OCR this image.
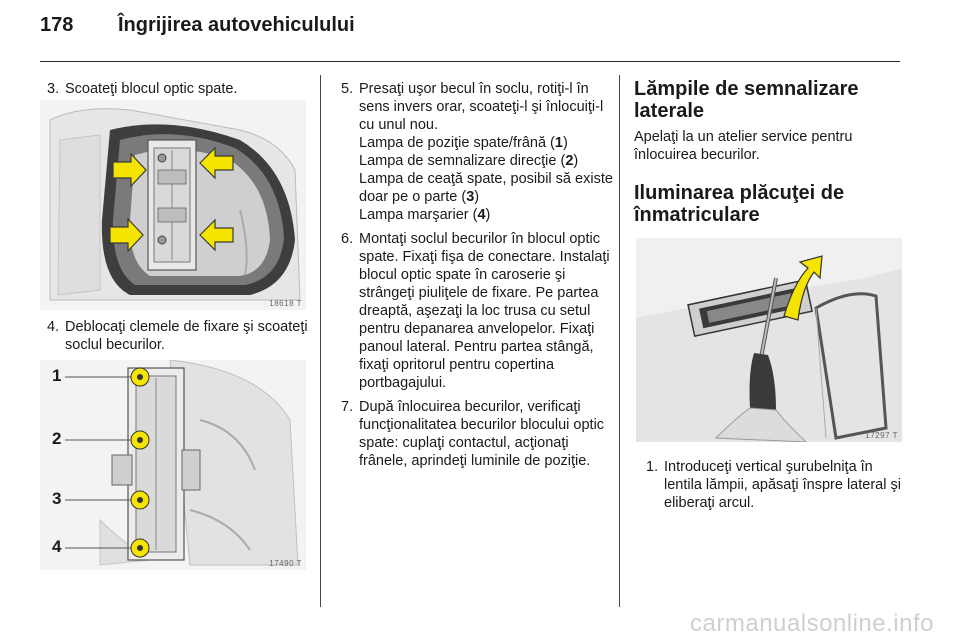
178 Îngrijirea autovehiculului
3. Scoateţi blocul optic spate.
18618 T
4. Deblocaţi clemele de fixare şi scoateţi soclul becurilor.
1
2
3
4
17490 T
5. Presaţi uşor becul în soclu, rotiţi-l în sens invers orar, scoateţi-l şi înlocuiţi-l cu unul nou.

Lampa de poziţie spate/frână (1)

Lampa de semnalizare direcţie (2)

Lampa de ceaţă spate, posibil să existe doar pe o parte (3)

Lampa marşarier (4)

6. Montaţi soclul becurilor în blocul optic spate. Fixaţi fişa de conectare. Instalaţi blocul optic spate în caroserie şi strângeţi piuliţele de fixare. Pe partea dreaptă, aşezaţi la loc trusa cu setul pentru depanarea anvelopelor. Fixaţi panoul lateral. Pentru partea stângă, fixaţi opritorul pentru copertina portbagajului.
7. După înlocuirea becurilor, verificaţi funcţionalitatea becurilor blocului optic spate: cuplaţi contactul, acţionaţi frânele, aprindeţi luminile de poziţie.
Lămpile de semnalizare laterale

Apelaţi la un atelier service pentru înlocuirea becurilor.

Iluminarea plăcuţei de înmatriculare
17297 T
1. Introduceţi vertical şurubelniţa în lentila lămpii, apăsaţi înspre lateral şi eliberaţi arcul.
carmanualsonline.info
